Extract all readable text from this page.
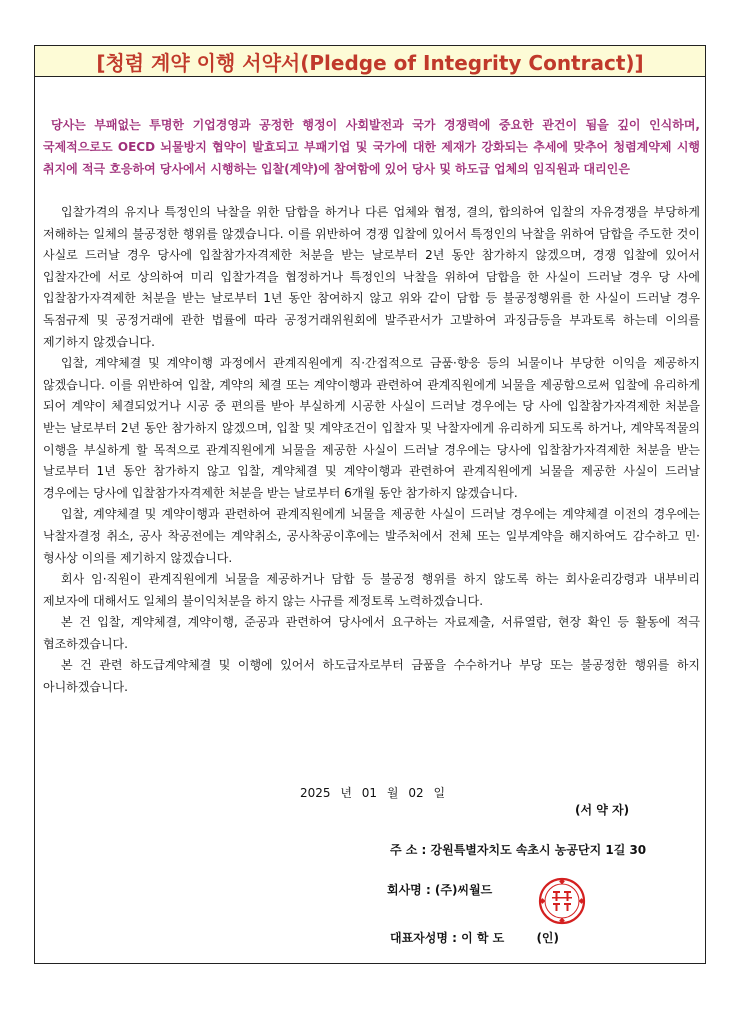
[청렴 계약 이행 서약서(Pledge of Integrity Contract)]

당사는 부패없는 투명한 기업경영과 공정한 행정이 사회발전과 국가 경쟁력에 중요한 관건이 됨을 깊이 인식하며, 국제적으로도 OECD 뇌물방지 협약이 발효되고 부패기업 및 국가에 대한 제재가 강화되는 추세에 맞추어 청렴계약제 시행 취지에 적극 호응하여 당사에서 시행하는 입찰(계약)에 참여함에 있어 당사 및 하도급 업체의 임직원과 대리인은

입찰가격의 유지나 특정인의 낙찰을 위한 담합을 하거나 다른 업체와 협정, 결의, 합의하여 입찰의 자유경쟁을 부당하게 저해하는 일체의 불공정한 행위를 않겠습니다. 이를 위반하여 경쟁 입찰에 있어서 특정인의 낙찰을 위하여 담합을 주도한 것이 사실로 드러날 경우 당사에 입찰참가자격제한 처분을 받는 날로부터 2년 동안 참가하지 않겠으며, 경쟁 입찰에 있어서 입찰자간에 서로 상의하여 미리 입찰가격을 협정하거나 특정인의 낙찰을 위하여 담합을 한 사실이 드러날 경우 당 사에 입찰참가자격제한 처분을 받는 날로부터 1년 동안 참여하지 않고 위와 같이 담합 등 불공정행위를 한 사실이 드러날 경우 독점규제 및 공정거래에 관한 법률에 따라 공정거래위원회에 발주관서가 고발하여 과징금등을 부과토록 하는데 이의를 제기하지 않겠습니다.

입찰, 계약체결 및 계약이행 과정에서 관계직원에게 직·간접적으로 금품·향응 등의 뇌물이나 부당한 이익을 제공하지 않겠습니다. 이를 위반하여 입찰, 계약의 체결 또는 계약이행과 관련하여 관계직원에게 뇌물을 제공함으로써 입찰에 유리하게 되어 계약이 체결되었거나 시공 중 편의를 받아 부실하게 시공한 사실이 드러날 경우에는 당 사에 입찰참가자격제한 처분을 받는 날로부터 2년 동안 참가하지 않겠으며, 입찰 및 계약조건이 입찰자 및 낙찰자에게 유리하게 되도록 하거나, 계약목적물의 이행을 부실하게 할 목적으로 관계직원에게 뇌물을 제공한 사실이 드러날 경우에는 당사에 입찰참가자격제한 처분을 받는 날로부터 1년 동안 참가하지 않고 입찰, 계약체결 및 계약이행과 관련하여 관계직원에게 뇌물을 제공한 사실이 드러날 경우에는 당사에 입찰참가자격제한 처분을 받는 날로부터 6개월 동안 참가하지 않겠습니다.

입찰, 계약체결 및 계약이행과 관련하여 관계직원에게 뇌물을 제공한 사실이 드러날 경우에는 계약체결 이전의 경우에는 낙찰자결정 취소, 공사 착공전에는 계약취소, 공사착공이후에는 발주처에서 전체 또는 일부계약을 해지하여도 감수하고 민·형사상 이의를 제기하지 않겠습니다.

회사 임·직원이 관계직원에게 뇌물을 제공하거나 담합 등 불공정 행위를 하지 않도록 하는 회사윤리강령과 내부비리 제보자에 대해서도 일체의 불이익처분을 하지 않는 사규를 제정토록 노력하겠습니다.

본 건 입찰, 계약체결, 계약이행, 준공과 관련하여 당사에서 요구하는 자료제출, 서류열람, 현장 확인 등 활동에 적극 협조하겠습니다.

본 건 관련 하도급계약체결 및 이행에 있어서 하도급자로부터 금품을 수수하거나 부당 또는 불공정한 행위를 하지 아니하겠습니다.

2025 년 01 월 02 일
(서 약 자)
주 소 : 강원특별자치도 속초시 농공단지 1길 30
회사명 : (주)씨월드
대표자성명 : 이 학 도	(인)
